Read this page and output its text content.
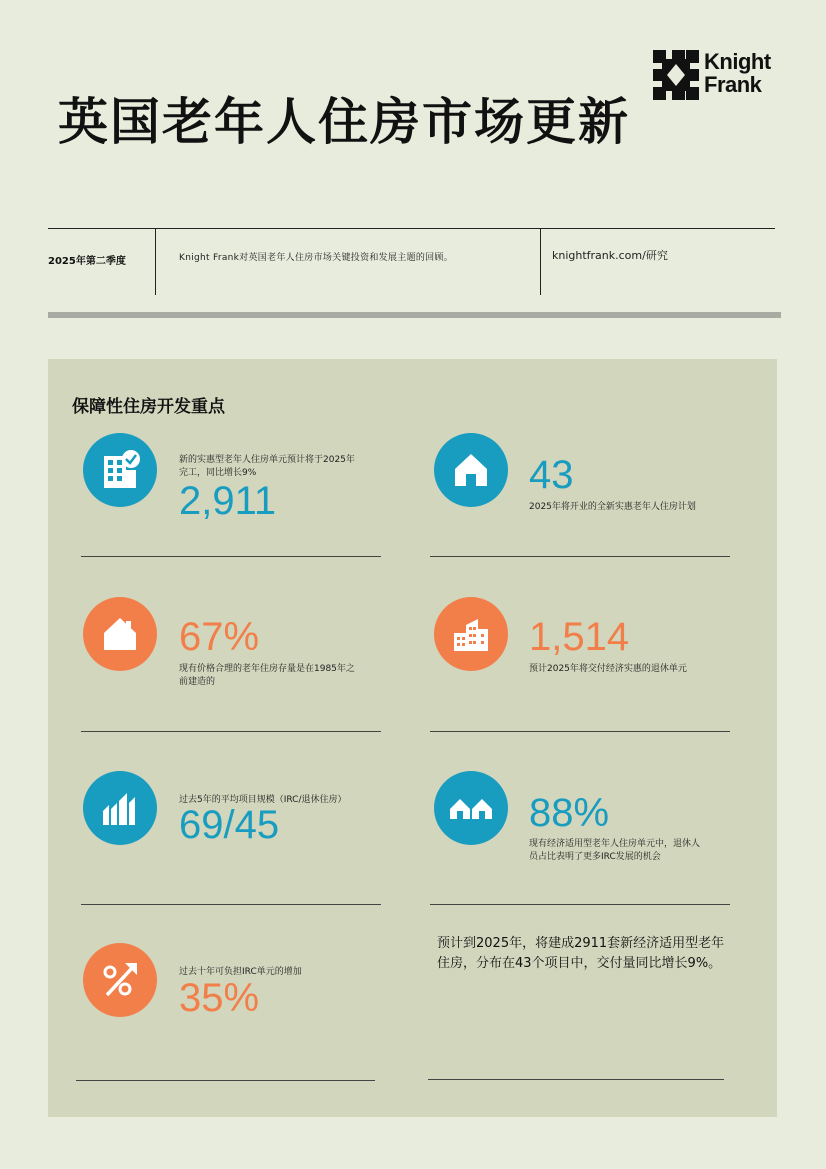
Knight
Frank
英国老年人住房市场更新
2025年第二季度	Knight Frank对英国老年人住房市场关键投资和发展主题的回顾。	knightfrank.com/研究
保障性住房开发重点
新的实惠型老年人住房单元预计将于2025年完工，同比增长9%
2,911
43
2025年将开业的全新实惠老年人住房计划
67%
现有价格合理的老年住房存量是在1985年之前建造的
1,514
预计2025年将交付经济实惠的退休单元
过去5年的平均项目规模（IRC/退休住房）
69/45	88%
现有经济适用型老年人住房单元中，退休人员占比表明了更多IRC发展的机会
过去十年可负担IRC单元的增加
35%
预计到2025年，将建成2911套新经济适用型老年住房，分布在43个项目中，交付量同比增长9%。
